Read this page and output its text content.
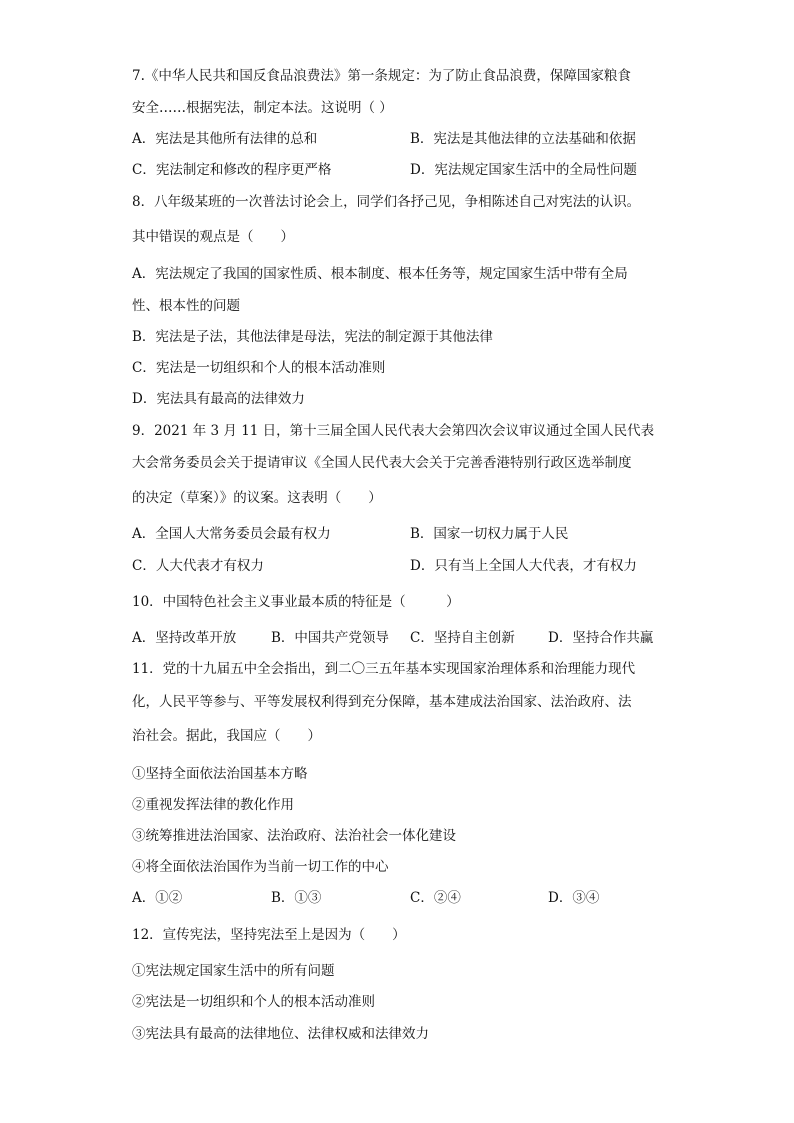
7.《中华人民共和国反食品浪费法》第一条规定：为了防止食品浪费，保障国家粮食
安全……根据宪法，制定本法。这说明（ ）
A．宪法是其他所有法律的总和	B．宪法是其他法律的立法基础和依据
C．宪法制定和修改的程序更严格	D．宪法规定国家生活中的全局性问题
8．八年级某班的一次普法讨论会上，同学们各抒己见，争相陈述自己对宪法的认识。
其中错误的观点是（　　）
A．宪法规定了我国的国家性质、根本制度、根本任务等，规定国家生活中带有全局
性、根本性的问题
B．宪法是子法，其他法律是母法，宪法的制定源于其他法律
C．宪法是一切组织和个人的根本活动准则
D．宪法具有最高的法律效力
9．2021 年 3 月 11 日，第十三届全国人民代表大会第四次会议审议通过全国人民代表
大会常务委员会关于提请审议《全国人民代表大会关于完善香港特别行政区选举制度
的决定（草案）》的议案。这表明（　　）
A．全国人大常务委员会最有权力	B．国家一切权力属于人民
C．人大代表才有权力	D．只有当上全国人大代表，才有权力
10．中国特色社会主义事业最本质的特征是（　　　）
A．坚持改革开放	B．中国共产党领导 C．坚持自主创新 D．坚持合作共赢
11．党的十九届五中全会指出，到二〇三五年基本实现国家治理体系和治理能力现代
化，人民平等参与、平等发展权利得到充分保障，基本建成法治国家、法治政府、法
治社会。据此，我国应（　　）
①坚持全面依法治国基本方略
②重视发挥法律的教化作用
③统筹推进法治国家、法治政府、法治社会一体化建设
④将全面依法治国作为当前一切工作的中心
A．①②	B．①③	C．②④	D．③④
12．宣传宪法，坚持宪法至上是因为（　　）
①宪法规定国家生活中的所有问题
②宪法是一切组织和个人的根本活动准则
③宪法具有最高的法律地位、法律权威和法律效力
